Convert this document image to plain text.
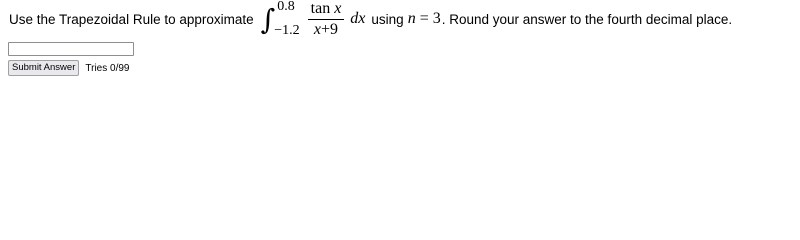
Use the Trapezoidal Rule to approximate ∫ 0.8
$-1.2 \frac{\text{tan x}}{x+9}$ dx using n = 3 . Round your answer to the fourth decimal place.
Submit Answer	Tries 0/99
